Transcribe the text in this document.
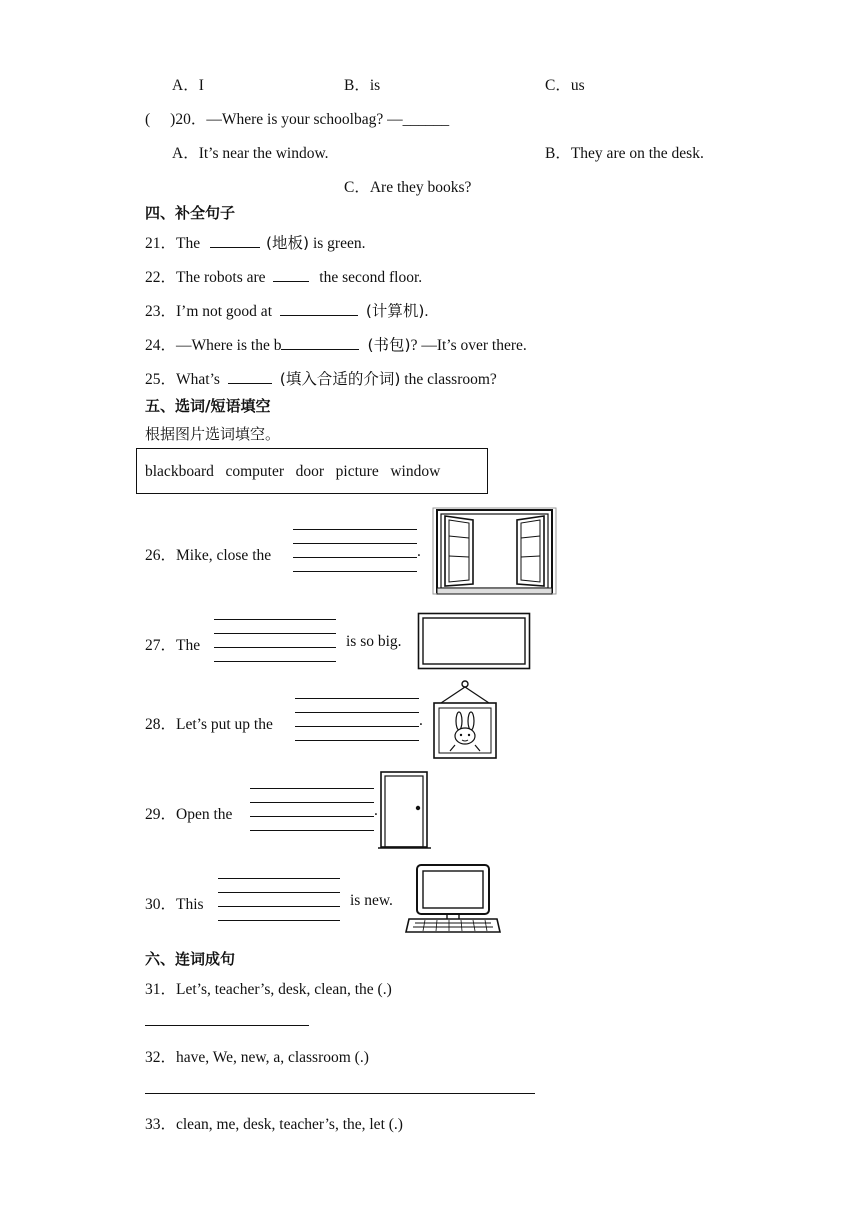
A．I	B．is	C．us
( )20．—Where is your schoolbag? —______
A．It’s near the window.	B．They are on the desk.
C．Are they books?
四、补全句子
21．The	(地板) is green.
22．The robots are	the second floor.
23．I’m not good at	(计算机).
24．—Where is the b	(书包)? —It’s over there.
25．What’s	(填入合适的介词) the classroom?
五、选词/短语填空
根据图片选词填空。
blackboard   computer   door   picture   window
26．Mike, close the	.
27．The	is so big.
28．Let’s put up the	.
29．Open the	.
30．This	is new.
六、连词成句
31．Let’s, teacher’s, desk, clean, the (.)
32．have, We, new, a, classroom (.)
33．clean, me, desk, teacher’s, the, let (.)
